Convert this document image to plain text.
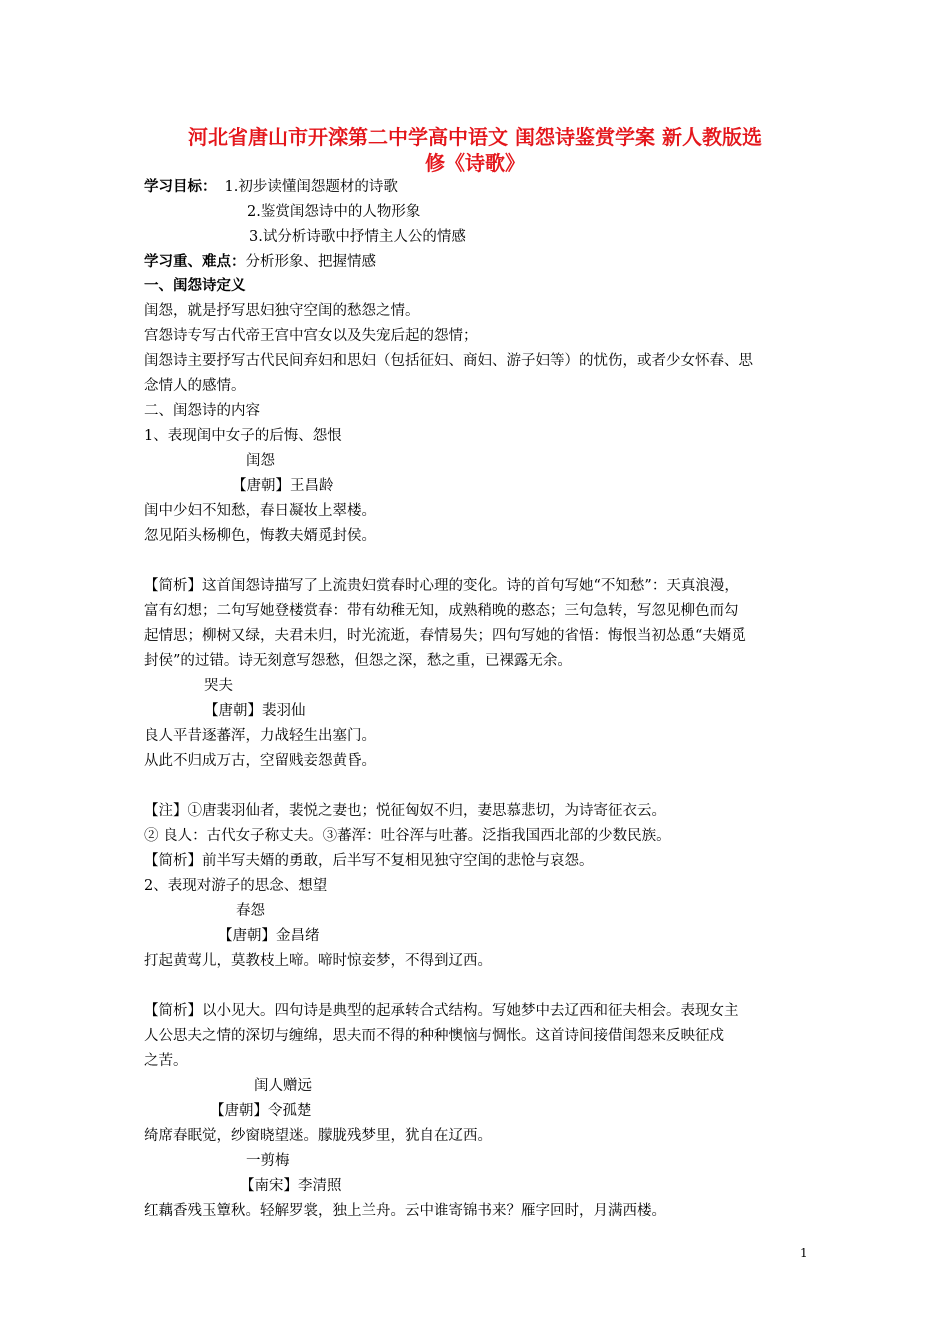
河北省唐山市开滦第二中学高中语文 闺怨诗鉴赏学案 新人教版选
修《诗歌》
学习目标： 1.初步读懂闺怨题材的诗歌
2.鉴赏闺怨诗中的人物形象
3.试分析诗歌中抒情主人公的情感
学习重、难点：分析形象、把握情感
一、闺怨诗定义
闺怨，就是抒写思妇独守空闺的愁怨之情。
宫怨诗专写古代帝王宫中宫女以及失宠后起的怨情；
闺怨诗主要抒写古代民间弃妇和思妇（包括征妇、商妇、游子妇等）的忧伤，或者少女怀春、思
念情人的感情。
二、闺怨诗的内容
1、表现闺中女子的后悔、怨恨
闺怨
【唐朝】王昌龄
闺中少妇不知愁，春日凝妆上翠楼。
忽见陌头杨柳色，悔教夫婿觅封侯。
【简析】这首闺怨诗描写了上流贵妇赏春时心理的变化。诗的首句写她“不知愁”：天真浪漫，
富有幻想；二句写她登楼赏春：带有幼稚无知，成熟稍晚的憨态；三句急转，写忽见柳色而勾
起情思；柳树又绿，夫君未归，时光流逝，春情易失；四句写她的省悟：悔恨当初怂恿“夫婿觅
封侯”的过错。诗无刻意写怨愁，但怨之深，愁之重，已裸露无余。
哭夫
【唐朝】裴羽仙
良人平昔逐蕃浑，力战轻生出塞门。
从此不归成万古，空留贱妾怨黄昏。
【注】①唐裴羽仙者，裴悦之妻也；悦征匈奴不归，妻思慕悲切，为诗寄征衣云。
② 良人：古代女子称丈夫。③蕃浑：吐谷浑与吐蕃。泛指我国西北部的少数民族。
【简析】前半写夫婿的勇敢，后半写不复相见独守空闺的悲怆与哀怨。
2、表现对游子的思念、想望
春怨
【唐朝】金昌绪
打起黄莺儿，莫教枝上啼。啼时惊妾梦，不得到辽西。
【简析】以小见大。四句诗是典型的起承转合式结构。写她梦中去辽西和征夫相会。表现女主
人公思夫之情的深切与缠绵，思夫而不得的种种懊恼与惆怅。这首诗间接借闺怨来反映征戍
之苦。
闺人赠远
【唐朝】令孤楚
绮席春眠觉，纱窗晓望迷。朦胧残梦里，犹自在辽西。
一剪梅
【南宋】李清照
红藕香残玉簟秋。轻解罗裳，独上兰舟。云中谁寄锦书来？雁字回时，月满西楼。
1
